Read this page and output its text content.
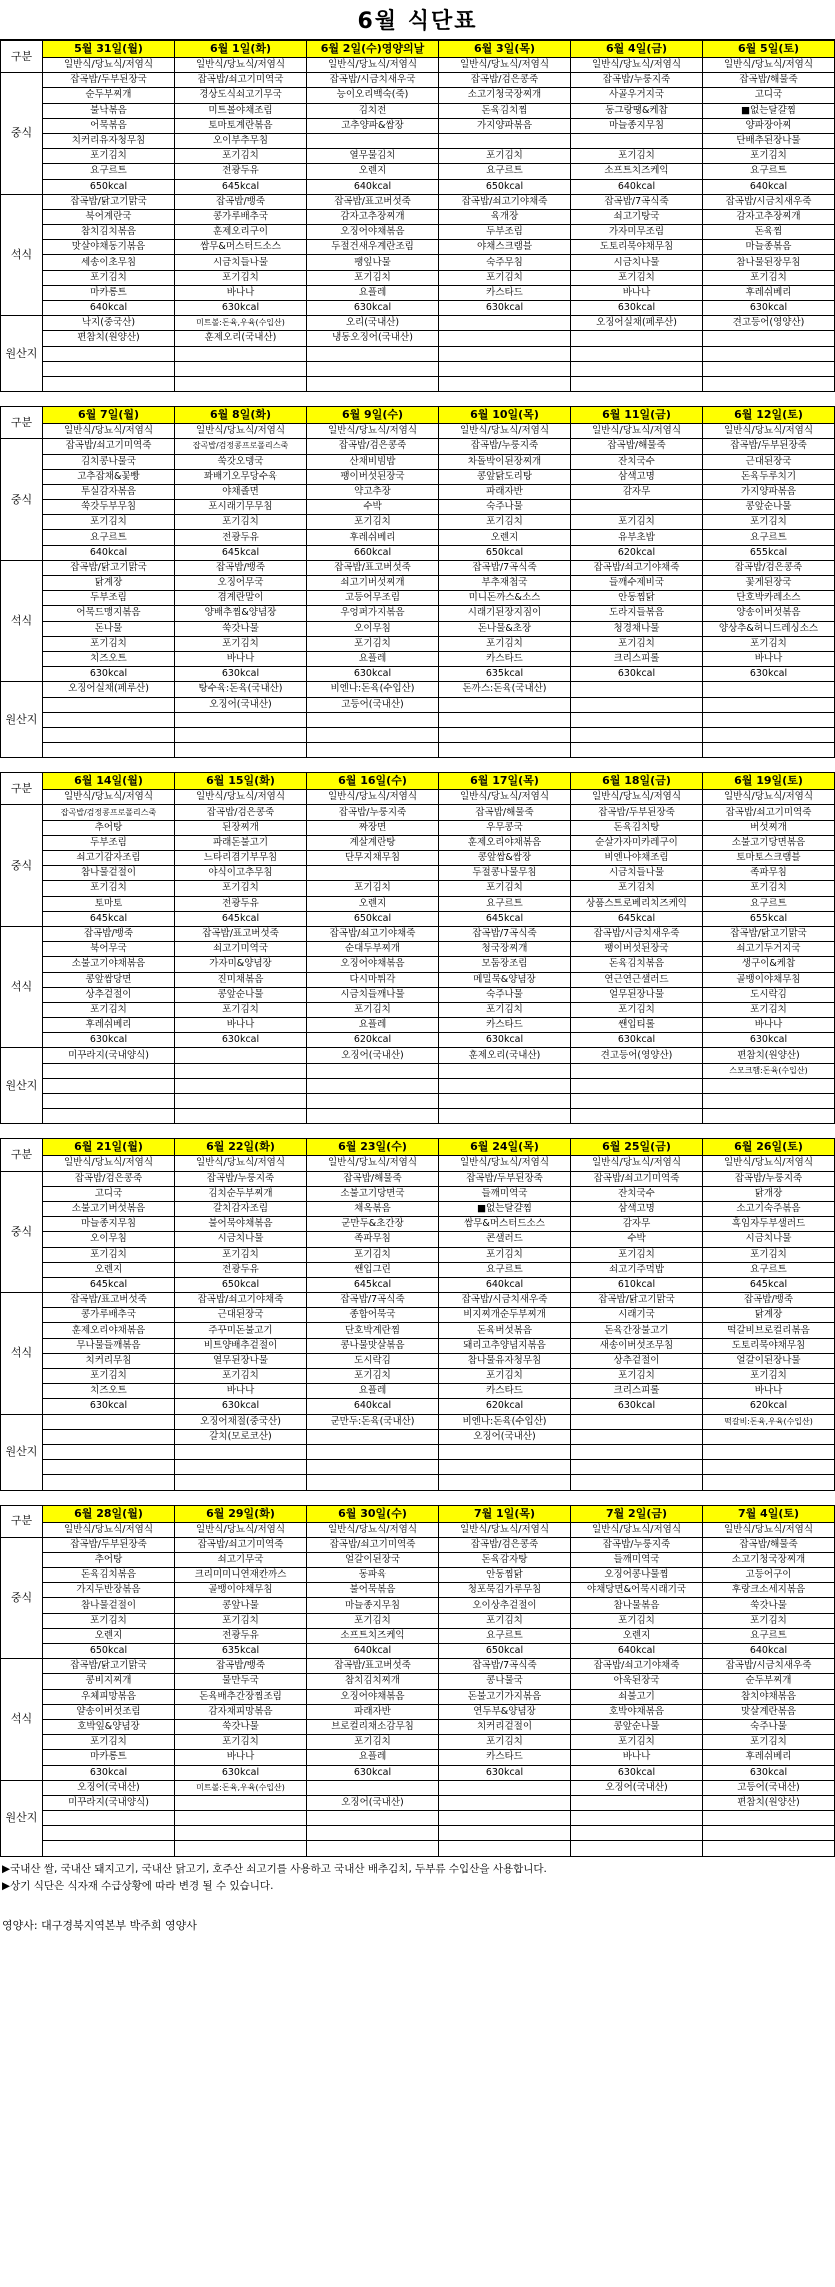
6월 식단표
구분	5월 31일(월)	6월 1일(화)	6월 2일(수)영양의날	6월 3일(목)	6월 4일(금)	6월 5일(토)
	일반식/당뇨식/저염식	일반식/당뇨식/저염식	일반식/당뇨식/저염식	일반식/당뇨식/저염식	일반식/당뇨식/저염식	일반식/당뇨식/저염식
중식	잡곡밥/두부된장국	잡곡밥/쇠고기미역국	잡곡밥/시금치새우국	잡곡밥/검은콩죽	잡곡밥/누룽지죽	잡곡밥/해물죽
	순두부찌개	경상도식쇠고기무국	능이오리백숙(죽)	소고기청국장찌개	사골우거지국	고디국
	불낙볶음	미트볼야채조림	김치전	돈육김치찜	동그랑땡&케찹	■없는달걀찜
	어묵볶음	토마토계란볶음	고추양파&쌈장	가지양파볶음	마늘종지무침	양파장아찌
	치커리유자청무침	오이부추무침				단배추된장나물
	포기김치	포기김치	열무물김치	포기김치	포기김치	포기김치
	요구르트	전광두유	오렌지	요구르트	소프트치즈케익	요구르트
	650kcal	645kcal	640kcal	650kcal	640kcal	640kcal
석식	잡곡밥/닭고기맑국	잡곡밥/뱅죽	잡곡밥/표고버섯죽	잡곡밥/쇠고기야채죽	잡곡밥/7곡식죽	잡곡밥/시금치새우죽
	북어계란국	콩가루배추국	감자고추장찌개	육개장	쇠고기탕국	감자고추장찌개
	참치김치볶음	훈제오리구이	오징어야채볶음	두부조림	가자미무조림	돈육찜
	맛살야채동기볶음	쌈무&머스터드소스	두절건새우계란조림	야채스크램블	도토리묵야채무침	마늘종볶음
	세송이초무침	시금치들나물	팽잎나물	숙주무침	시금치나물	참나물된장무침
	포기김치	포기김치	포기김치	포기김치	포기김치	포기김치
	마카롱트	바나나	요플레	카스타드	바나나	후레쉬베리
	640kcal	630kcal	630kcal	630kcal	630kcal	630kcal
원산지	낙지(중국산)	미트볼:돈육,우육(수입산)	오리(국내산)		오징어실채(페루산)	견고등어(영양산)
	편참치(원양산)	훈제오리(국내산)	냉동오징어(국내산)			

구분	6월 7일(월)	6월 8일(화)	6월 9일(수)	6월 10일(목)	6월 11일(금)	6월 12일(토)
	일반식/당뇨식/저염식	일반식/당뇨식/저염식	일반식/당뇨식/저염식	일반식/당뇨식/저염식	일반식/당뇨식/저염식	일반식/당뇨식/저염식
중식	잡곡밥/쇠고기미역죽	잡곡밥/검정콩프로폴리스죽	잡곡밥/검은콩죽	잡곡밥/누룽지죽	잡곡밥/해물죽	잡곡밥/두부된장죽
	김치콩나물국	쑥갓오뎅국	산채비빔밥	차돌박이된장찌개	잔치국수	근대된장국
	고추잡채&꽃빵	꽈배기오무당수육	팽이버섯된장국	콩앞닭도리탕	삼색고명	돈육두루치기
	투실감자볶음	야채졸면	약고추장	파래자반	감자무	가지양파볶음
	쑥갓두부무침	포시래기무무침	수박	숙주나물		콩앞순나물
	포기김치	포기김치	포기김치	포기김치	포기김치	포기김치
	요구르트	전광두유	후레쉬베리	오렌지	유부초밥	요구르트
	640kcal	645kcal	660kcal	650kcal	620kcal	655kcal
석식	잡곡밥/닭고기맑국	잡곡밥/뱅죽	잡곡밥/표고버섯죽	잡곡밥/7곡식죽	잡곡밥/쇠고기야채죽	잡곡밥/검은콩죽
	닭계장	오징어무국	쇠고기버섯찌개	부추재첩국	들깨수제비국	꽃게된장국
	두부조림	겸계란말이	고등어무조림	미니돈까스&소스	안동찜닭	단호박카레소스
	어묵드맹지볶음	양배추찜&양념장	우엉퍼가지볶음	시래기된장지짐이	도라지들볶음	양송이버섯볶음
	돈나물	쑥갓나물	오이무침	돈나물&초장	청경채나물	양상추&허니드레싱소스
	포기김치	포기김치	포기김치	포기김치	포기김치	포기김치
	치즈오트	바나나	요플레	카스타드	크리스피롤	바나나
	630kcal	630kcal	630kcal	635kcal	630kcal	630kcal
원산지	오징어실채(페루산)	탕수육:돈육(국내산)	비엔나:돈육(수입산)	돈까스:돈육(국내산)		
		오징어(국내산)	고등어(국내산)			

구분	6월 14일(월)	6월 15일(화)	6월 16일(수)	6월 17일(목)	6월 18일(금)	6월 19일(토)
	일반식/당뇨식/저염식	일반식/당뇨식/저염식	일반식/당뇨식/저염식	일반식/당뇨식/저염식	일반식/당뇨식/저염식	일반식/당뇨식/저염식
중식	잡곡밥/검정콩프로폴리스죽	잡곡밥/검은콩죽	잡곡밥/누룽지죽	잡곡밥/해물죽	잡곡밥/두부된장죽	잡곡밥/쇠고기미역죽
	추어탕	된장찌개	짜장면	우무콩국	돈육김치탕	버섯찌개
	두부조림	파래돈불고기	계살계란탕	훈제오리야채볶음	순살가자미카레구이	소불고기당면볶음
	쇠고기감자조림	느타리겸기부무침	단무지채무침	콩앞쌈&쌈장	비엔나야채조림	토마토스크램블
	참나물겉절이	야식이고추무침		두절콩나물무침	시금치들나물	족파무침
	포기김치	포기김치	포기김치	포기김치	포기김치	포기김치
	토마토	전광두유	오렌지	요구르트	상품스트로베리치즈케익	요구르트
	645kcal	645kcal	650kcal	645kcal	645kcal	655kcal
석식	잡곡밥/뱅죽	잡곡밥/표고버섯죽	잡곡밥/쇠고기야채죽	잡곡밥/7곡식죽	잡곡밥/시금치새우죽	잡곡밥/닭고기맑국
	북어무국	쇠고기미역국	순대두부찌개	청국장찌개	팽이버섯된장국	쇠고기두거지국
	소불고기야채볶음	가자미&양념장	오징어야채볶음	모둠장조림	돈육김치볶음	생구이&케찹
	콩앞쌈당면	진미채볶음	다시마튀각	메밀묵&양념장	연근연근샐러드	골뱅이야채무침
	상추겉절이	콩앞순나물	시금치들깨나물	숙주나물	얼무된장나물	도시락김
	포기김치	포기김치	포기김치	포기김치	포기김치	포기김치
	후레쉬베리	바나나	요플레	카스타드	쌘입티롤	바나나
	630kcal	630kcal	620kcal	630kcal	630kcal	630kcal
원산지	미꾸라지(국내양식)		오징어(국내산)	훈제오리(국내산)	견고등어(영양산)	편참치(원양산)
						스모크햄:돈육(수입산)

구분	6월 21일(월)	6월 22일(화)	6월 23일(수)	6월 24일(목)	6월 25일(금)	6월 26일(토)
	일반식/당뇨식/저염식	일반식/당뇨식/저염식	일반식/당뇨식/저염식	일반식/당뇨식/저염식	일반식/당뇨식/저염식	일반식/당뇨식/저염식
중식	잡곡밥/검은콩죽	잡곡밥/누룽지죽	잡곡밥/해물죽	잡곡밥/두부된장죽	잡곡밥/쇠고기미역죽	잡곡밥/누룽지죽
	고디국	김치순두부찌개	소불고기당면국	들깨미역국	잔치국수	닭개장
	소불고기버섯볶음	갈치감자조림	채옥볶음	■없는달걀찜	삼색고명	소고기숙주볶음
	마늘종지무침	불어묵야채볶음	군만두&초간장	쌈무&머스터드소스	감자무	흑임자두부샐러드
	오이무침	시금치나물	족파무침	콘샐러드	수박	시금치나물
	포기김치	포기김치	포기김치	포기김치	포기김치	포기김치
	오렌지	전광두유	쌘입그린	요구르트	쇠고기주먹밥	요구르트
	645kcal	650kcal	645kcal	640kcal	610kcal	645kcal
석식	잡곡밥/표고버섯죽	잡곡밥/쇠고기야채죽	잡곡밥/7곡식죽	잡곡밥/시금치새우죽	잡곡밥/닭고기맑국	잡곡밥/뱅죽
	콩가루배추국	근대된장국	종합어묵국	비지찌개순두부찌개	시래기국	닭계장
	훈제오리야채볶음	주꾸미돈불고기	단호박계란찜	돈육버섯볶음	돈육간장불고기	떡갈비브로컬리볶음
	무나물들깨볶음	비트양배추겉절이	콩나물맛살볶음	돼리고추양념지볶음	새송이버섯조무침	도토리묵야채무침
	치커리무침	열무된장나물	도시락김	참나물유자청무침	상추겉절이	얼갈이된장나물
	포기김치	포기김치	포기김치	포기김치	포기김치	포기김치
	치즈오트	바나나	요플레	카스타드	크리스피롤	바나나
	630kcal	630kcal	640kcal	620kcal	630kcal	620kcal
원산지		오징어채절(중국산)	군만두:돈육(국내산)	비엔나:돈육(수입산)		떡갈비:돈육,우육(수입산)
		갈치(모로코산)		오징어(국내산)		

구분	6월 28일(월)	6월 29일(화)	6월 30일(수)	7월 1일(목)	7월 2일(금)	7월 4일(토)
	일반식/당뇨식/저염식	일반식/당뇨식/저염식	일반식/당뇨식/저염식	일반식/당뇨식/저염식	일반식/당뇨식/저염식	일반식/당뇨식/저염식
중식	잡곡밥/두부된장죽	잡곡밥/쇠고기미역죽	잡곡밥/쇠고기미역죽	잡곡밥/검은콩죽	잡곡밥/누룽지죽	잡곡밥/해물죽
	추어탕	쇠고기무국	얼갈이된장국	돈육감자탕	들깨미역국	소고기청국장찌개
	돈육김치볶음	크리미미니연재칸까스	동파육	안동찜닭	오징어콩나물찜	고등어구이
	가지두반장볶음	골뱅이야채무침	불어묵볶음	청포묵김가루무침	야채당면&어묵시래기국	후랑크소세지볶음
	참나물겉절이	콩앞나물	마늘종지무침	오이상추겉절이	참나물볶음	쑥갓나물
	포기김치	포기김치	포기김치	포기김치	포기김치	포기김치
	오렌지	전광두유	소프트치즈케익	요구르트	오렌지	요구르트
	650kcal	635kcal	640kcal	650kcal	640kcal	640kcal
석식	잡곡밥/닭고기맑국	잡곡밥/뱅죽	잡곡밥/표고버섯죽	잡곡밥/7곡식죽	잡곡밥/쇠고기야채죽	잡곡밥/시금치새우죽
	콩비지찌개	물만두국	참치김치찌개	콩나물국	아욱된장국	순두부찌개
	우체피망볶음	돈육배추간장찜조림	오징어야채볶음	돈불고기가지볶음	쇠불고기	참치야채볶음
	얄송이버섯조림	감자채피망볶음	파래자반	연두부&양념장	호박야채볶음	맛살계란볶음
	호박잎&양념장	쑥갓나물	브로컬리채소감무침	치커리겉절이	콩앞순나물	숙주나물
	포기김치	포기김치	포기김치	포기김치	포기김치	포기김치
	마카롱트	바나나	요플레	카스타드	바나나	후레쉬베리
	630kcal	630kcal	630kcal	630kcal	630kcal	630kcal
원산지	오징어(국내산)	미트볼:돈육,우육(수입산)			오징어(국내산)	고등어(국내산)
	미꾸라지(국내양식)		오징어(국내산)			편참치(원양산)

▶국내산 쌀, 국내산 돼지고기, 국내산 닭고기, 호주산 쇠고기를 사용하고 국내산 배추김치, 두부류 수입산을 사용합니다.
▶상기 식단은 식자재 수급상황에 따라 변경 될 수 있습니다.
영양사: 대구경북지역본부 박주희 영양사
